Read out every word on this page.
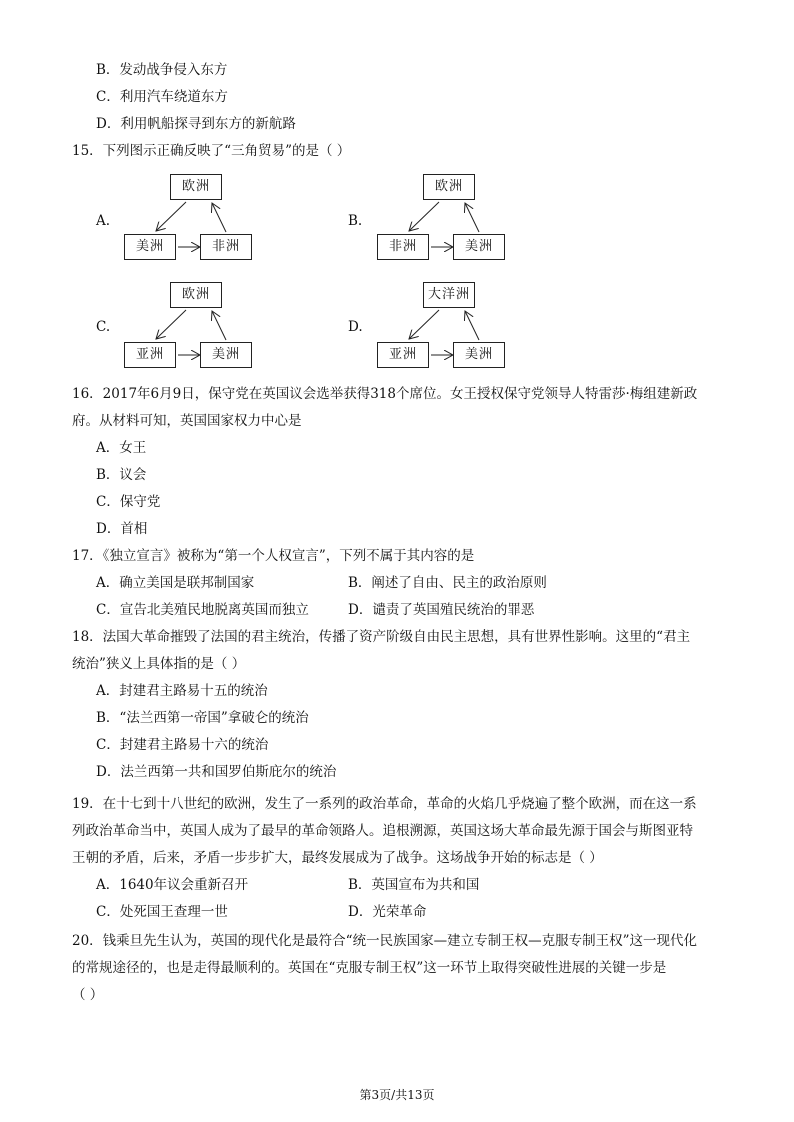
B．发动战争侵入东方
C．利用汽车绕道东方
D．利用帆船探寻到东方的新航路
15．下列图示正确反映了“三角贸易”的是（ ）
A.
欧洲
美洲	非洲
B.
欧洲
非洲	美洲
C.
欧洲
亚洲	美洲
D.
大洋洲
亚洲	美洲
16．2017年6月9日，保守党在英国议会选举获得318个席位。女王授权保守党领导人特雷莎·梅组建新政
府。从材料可知，英国国家权力中心是
A．女王
B．议会
C．保守党
D．首相
17．《独立宣言》被称为“第一个人权宣言”，下列不属于其内容的是
A．确立美国是联邦制国家	B．阐述了自由、民主的政治原则
C．宣告北美殖民地脱离英国而独立	D．谴责了英国殖民统治的罪恶
18．法国大革命摧毁了法国的君主统治，传播了资产阶级自由民主思想，具有世界性影响。这里的“君主
统治”狭义上具体指的是（ ）
A．封建君主路易十五的统治
B．“法兰西第一帝国”拿破仑的统治
C．封建君主路易十六的统治
D．法兰西第一共和国罗伯斯庇尔的统治
19．在十七到十八世纪的欧洲，发生了一系列的政治革命，革命的火焰几乎烧遍了整个欧洲，而在这一系
列政治革命当中，英国人成为了最早的革命领路人。追根溯源，英国这场大革命最先源于国会与斯图亚特
王朝的矛盾，后来，矛盾一步步扩大，最终发展成为了战争。这场战争开始的标志是（ ）
A．1640年议会重新召开	B．英国宣布为共和国
C．处死国王查理一世	D．光荣革命
20．钱乘旦先生认为，英国的现代化是最符合“统一民族国家—建立专制王权—克服专制王权”这一现代化
的常规途径的，也是走得最顺利的。英国在“克服专制王权”这一环节上取得突破性进展的关键一步是
（ ）
第3页/共13页
